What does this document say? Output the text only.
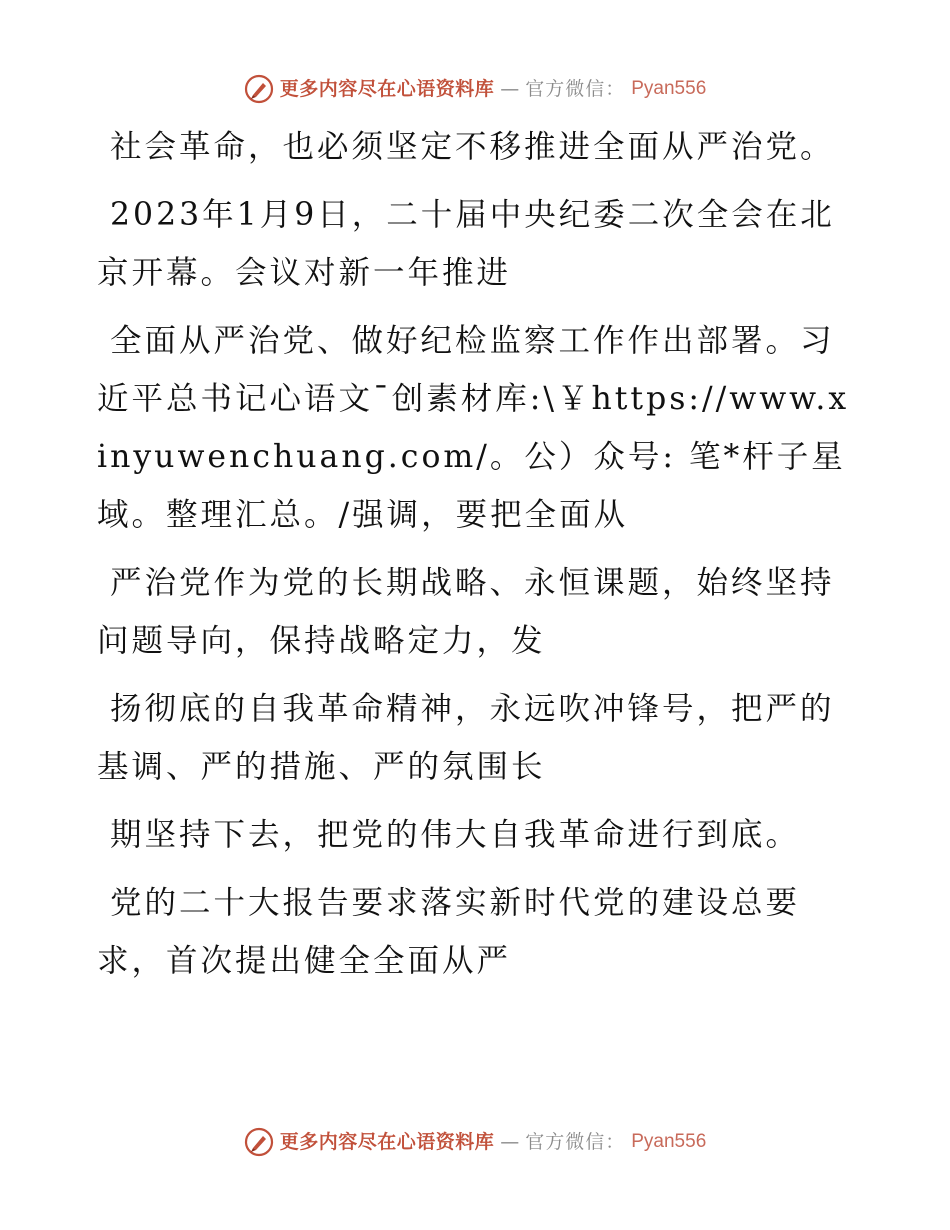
更多内容尽在心语资料库 — 官方微信： Pyan556

社会革命，也必须坚定不移推进全面从严治党。

2023年1月9日，二十届中央纪委二次全会在北京开幕。会议对新一年推进

全面从严治党、做好纪检监察工作作出部署。习近平总书记心语文¯创素材库:\￥https://www.xinyuwenchuang.com/。公）众号: 笔*杆子星域。整理汇总。/强调，要把全面从

严治党作为党的长期战略、永恒课题，始终坚持问题导向，保持战略定力，发

扬彻底的自我革命精神，永远吹冲锋号，把严的基调、严的措施、严的氛围长

期坚持下去，把党的伟大自我革命进行到底。

党的二十大报告要求落实新时代党的建设总要求，首次提出健全全面从严

更多内容尽在心语资料库 — 官方微信： Pyan556
